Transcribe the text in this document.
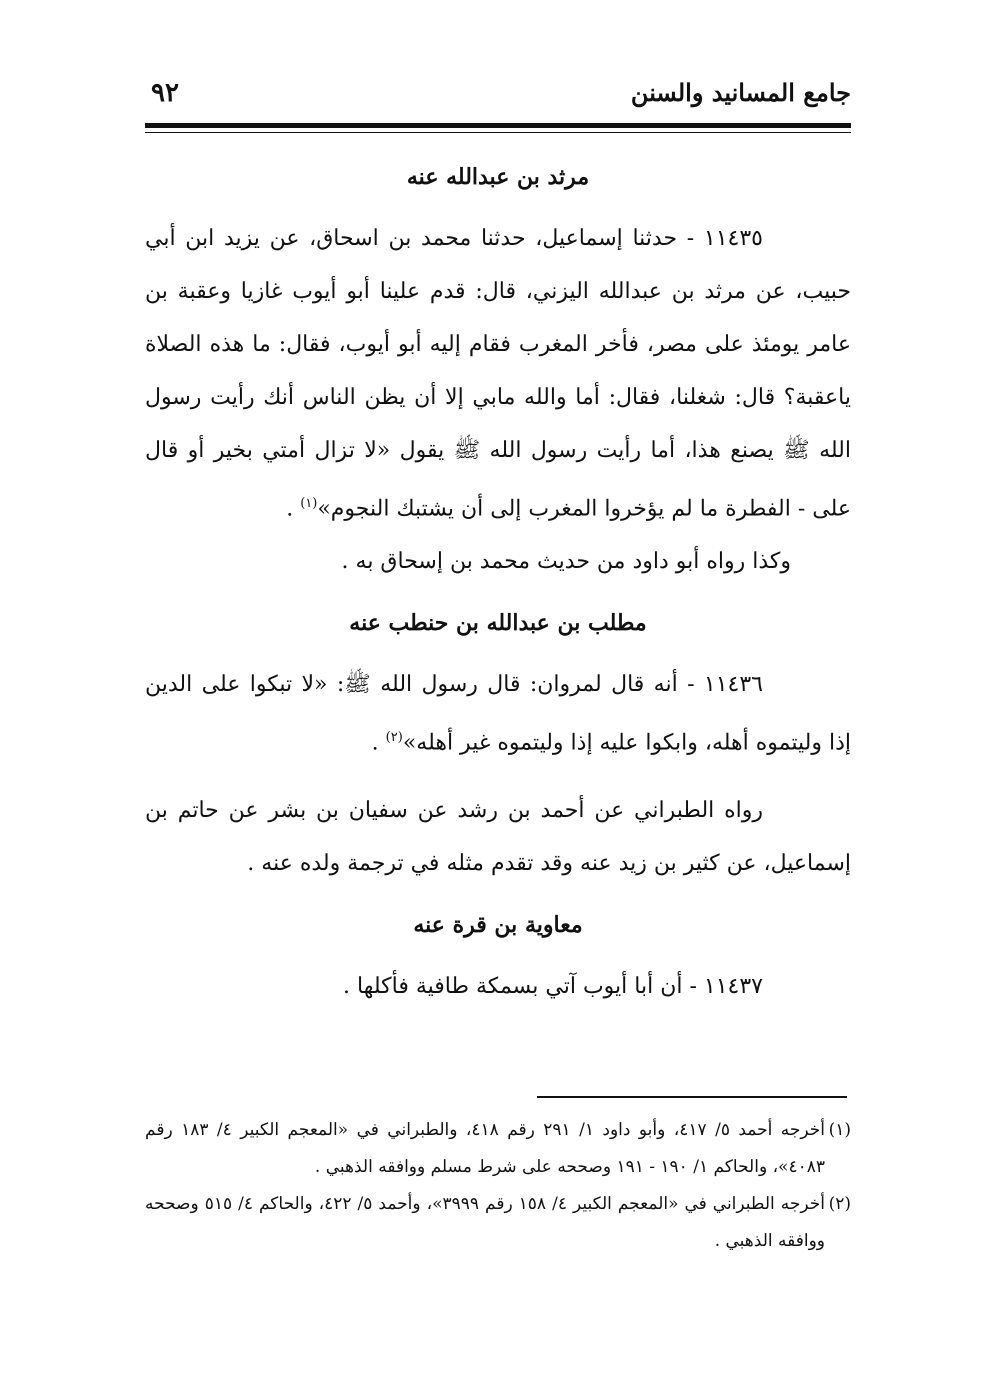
جامع المسانيد والسنن
٩٢
مرثد بن عبدالله عنه

١١٤٣٥ - حدثنا إسماعيل، حدثنا محمد بن اسحاق، عن يزيد ابن أبي حبيب، عن مرثد بن عبدالله اليزني، قال: قدم علينا أبو أيوب غازيا وعقبة بن عامر يومئذ على مصر، فأخر المغرب فقام إليه أبو أيوب، فقال: ما هذه الصلاة ياعقبة؟ قال: شغلنا، فقال: أما والله مابي إلا أن يظن الناس أنك رأيت رسول الله ﷺ يصنع هذا، أما رأيت رسول الله ﷺ يقول «لا تزال أمتي بخير أو قال على - الفطرة ما لم يؤخروا المغرب إلى أن يشتبك النجوم»$^{(١)}$ .

وكذا رواه أبو داود من حديث محمد بن إسحاق به .

مطلب بن عبدالله بن حنطب عنه

١١٤٣٦ - أنه قال لمروان: قال رسول الله ﷺ: «لا تبكوا على الدين إذا وليتموه أهله، وابكوا عليه إذا وليتموه غير أهله»$^{(٢)}$ .

رواه الطبراني عن أحمد بن رشد عن سفيان بن بشر عن حاتم بن إسماعيل، عن كثير بن زيد عنه وقد تقدم مثله في ترجمة ولده عنه .

معاوية بن قرة عنه

١١٤٣٧ - أن أبا أيوب آتي بسمكة طافية فأكلها .

(١)
أخرجه أحمد ٥/ ٤١٧، وأبو داود ١/ ٢٩١ رقم ٤١٨، والطبراني في «المعجم الكبير ٤/ ١٨٣ رقم ٤٠٨٣»، والحاكم ١/ ١٩٠ - ١٩١ وصححه على شرط مسلم ووافقه الذهبي .
(٢)
أخرجه الطبراني في «المعجم الكبير ٤/ ١٥٨ رقم ٣٩٩٩»، وأحمد ٥/ ٤٢٢، والحاكم ٤/ ٥١٥ وصححه ووافقه الذهبي .
